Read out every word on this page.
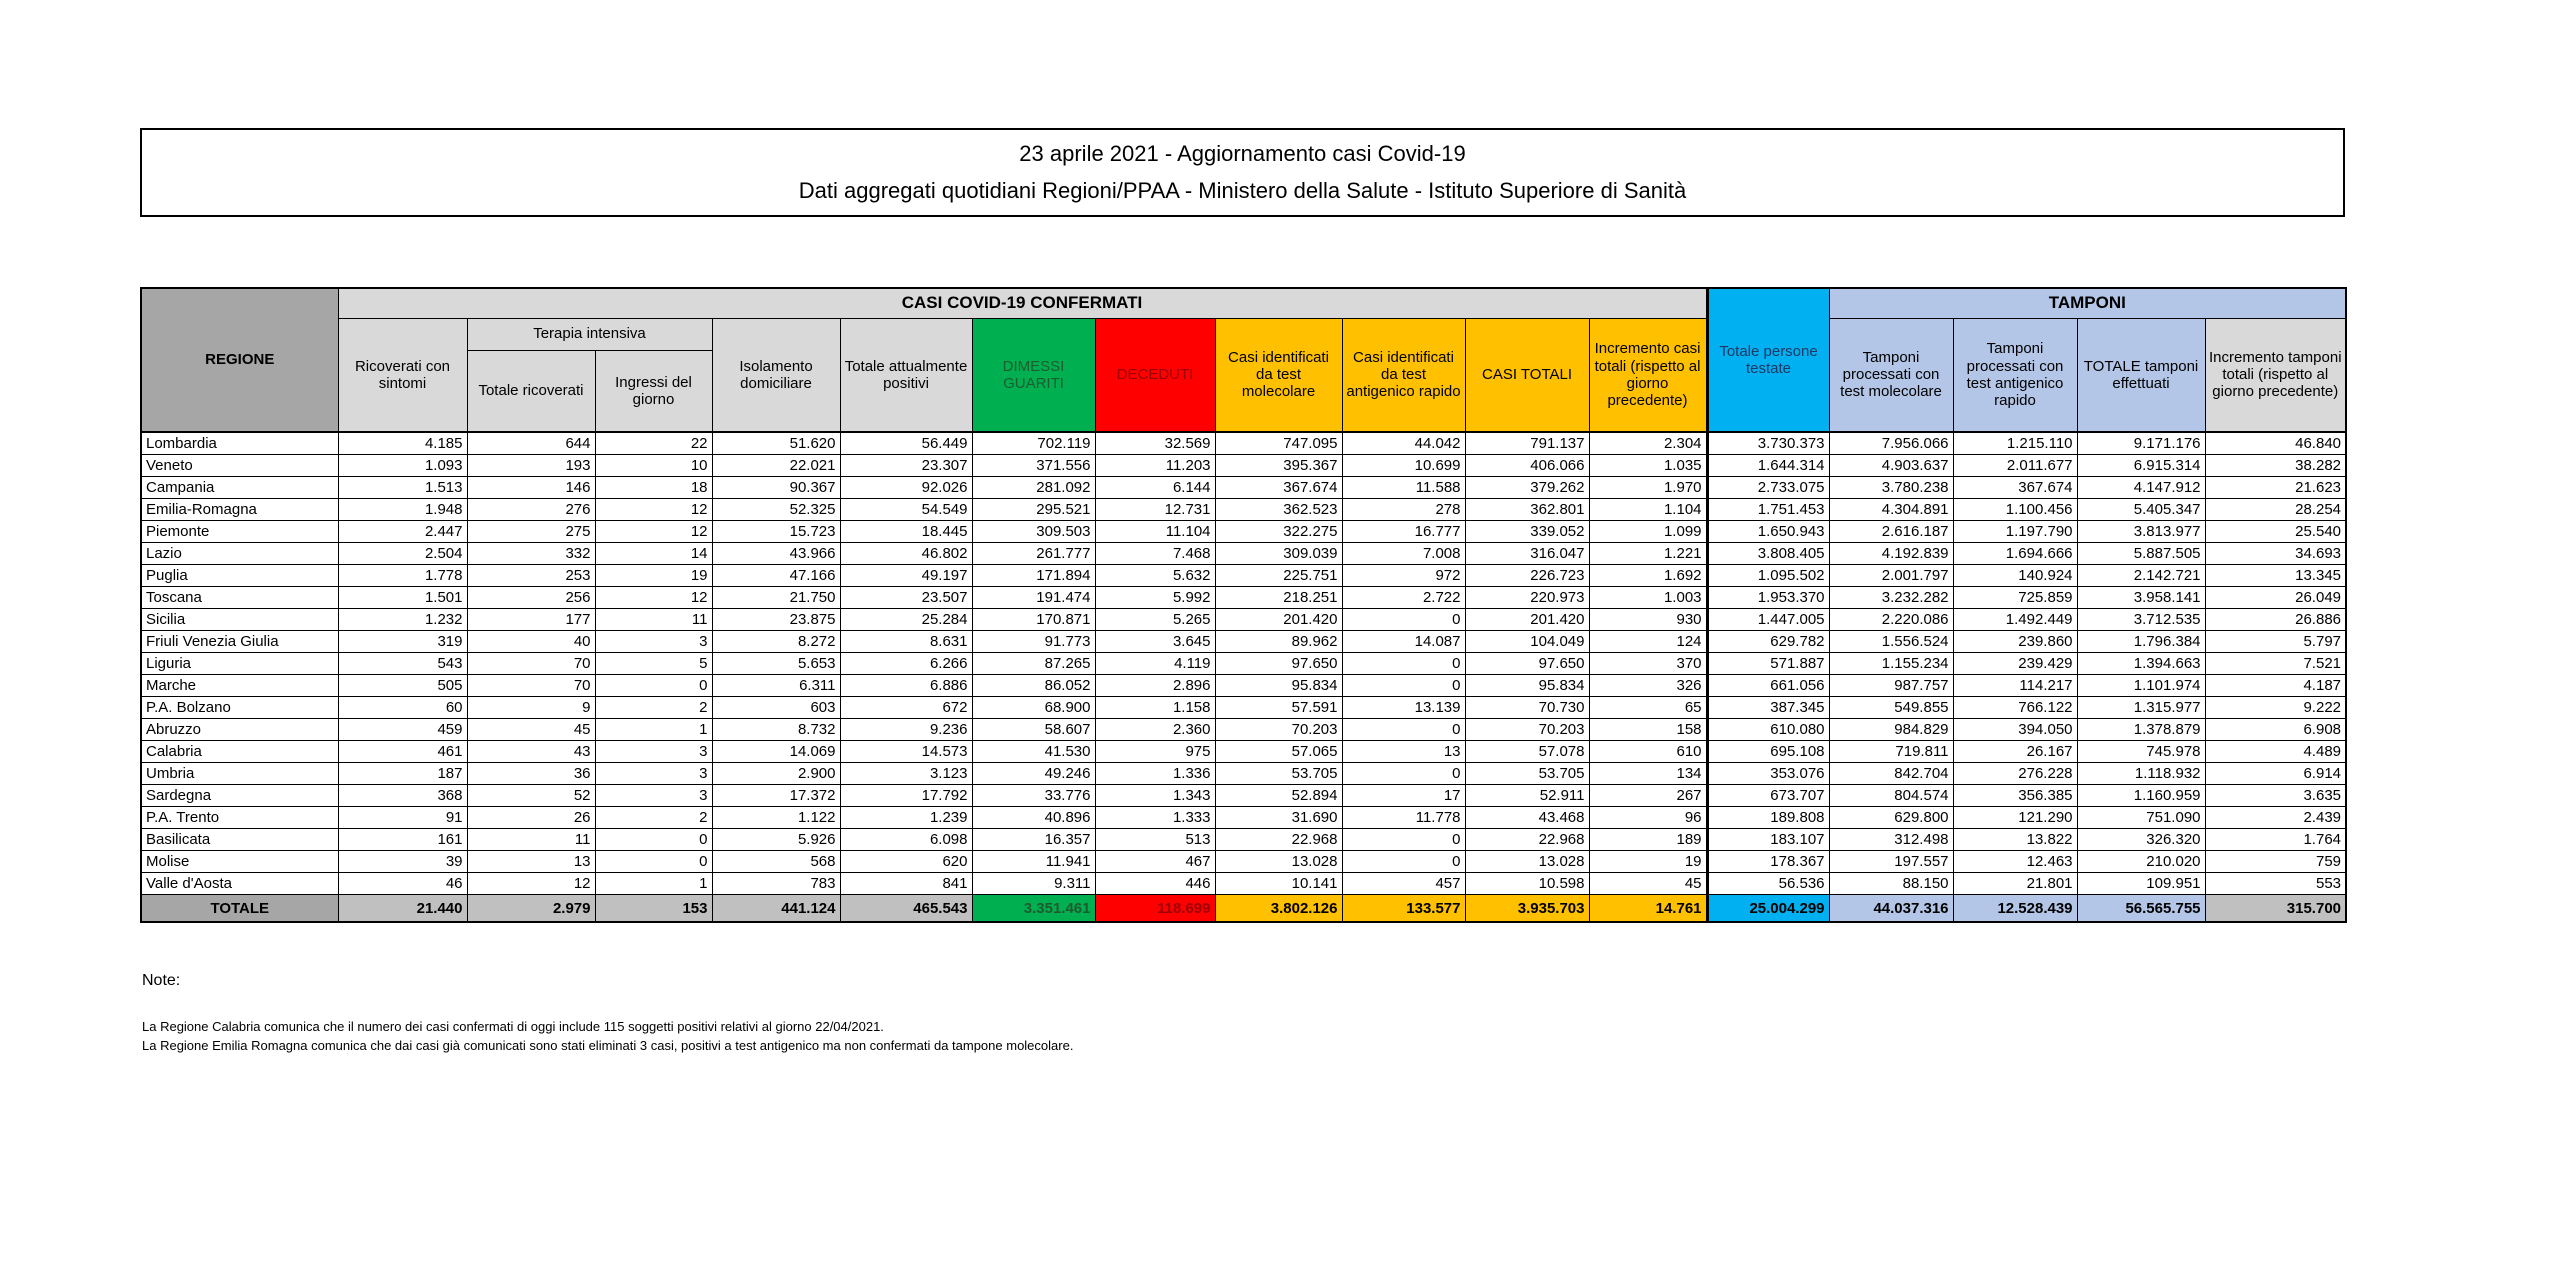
23 aprile 2021 - Aggiornamento casi Covid-19
Dati aggregati quotidiani Regioni/PPAA - Ministero della Salute - Istituto Superiore di Sanità
REGIONE	CASI COVID-19 CONFERMATI											Totale persone testate	TAMPONI			
	Ricoverati con sintomi	Terapia intensiva		Isolamento domiciliare	Totale attualmente positivi	DIMESSI GUARITI	DECEDUTI	Casi identificati da test molecolare	Casi identificati da test antigenico rapido	CASI TOTALI	Incremento casi totali (rispetto al giorno precedente)		Tamponi processati con test molecolare	Tamponi processati con test antigenico rapido	TOTALE tamponi effettuati	Incremento tamponi totali (rispetto al giorno precedente)
		Totale ricoverati	Ingressi del giorno													
Lombardia	4.185	644	22	51.620	56.449	702.119	32.569	747.095	44.042	791.137	2.304	3.730.373	7.956.066	1.215.110	9.171.176	46.840
Veneto	1.093	193	10	22.021	23.307	371.556	11.203	395.367	10.699	406.066	1.035	1.644.314	4.903.637	2.011.677	6.915.314	38.282
Campania	1.513	146	18	90.367	92.026	281.092	6.144	367.674	11.588	379.262	1.970	2.733.075	3.780.238	367.674	4.147.912	21.623
Emilia-Romagna	1.948	276	12	52.325	54.549	295.521	12.731	362.523	278	362.801	1.104	1.751.453	4.304.891	1.100.456	5.405.347	28.254
Piemonte	2.447	275	12	15.723	18.445	309.503	11.104	322.275	16.777	339.052	1.099	1.650.943	2.616.187	1.197.790	3.813.977	25.540
Lazio	2.504	332	14	43.966	46.802	261.777	7.468	309.039	7.008	316.047	1.221	3.808.405	4.192.839	1.694.666	5.887.505	34.693
Puglia	1.778	253	19	47.166	49.197	171.894	5.632	225.751	972	226.723	1.692	1.095.502	2.001.797	140.924	2.142.721	13.345
Toscana	1.501	256	12	21.750	23.507	191.474	5.992	218.251	2.722	220.973	1.003	1.953.370	3.232.282	725.859	3.958.141	26.049
Sicilia	1.232	177	11	23.875	25.284	170.871	5.265	201.420	0	201.420	930	1.447.005	2.220.086	1.492.449	3.712.535	26.886
Friuli Venezia Giulia	319	40	3	8.272	8.631	91.773	3.645	89.962	14.087	104.049	124	629.782	1.556.524	239.860	1.796.384	5.797
Liguria	543	70	5	5.653	6.266	87.265	4.119	97.650	0	97.650	370	571.887	1.155.234	239.429	1.394.663	7.521
Marche	505	70	0	6.311	6.886	86.052	2.896	95.834	0	95.834	326	661.056	987.757	114.217	1.101.974	4.187
P.A. Bolzano	60	9	2	603	672	68.900	1.158	57.591	13.139	70.730	65	387.345	549.855	766.122	1.315.977	9.222
Abruzzo	459	45	1	8.732	9.236	58.607	2.360	70.203	0	70.203	158	610.080	984.829	394.050	1.378.879	6.908
Calabria	461	43	3	14.069	14.573	41.530	975	57.065	13	57.078	610	695.108	719.811	26.167	745.978	4.489
Umbria	187	36	3	2.900	3.123	49.246	1.336	53.705	0	53.705	134	353.076	842.704	276.228	1.118.932	6.914
Sardegna	368	52	3	17.372	17.792	33.776	1.343	52.894	17	52.911	267	673.707	804.574	356.385	1.160.959	3.635
P.A. Trento	91	26	2	1.122	1.239	40.896	1.333	31.690	11.778	43.468	96	189.808	629.800	121.290	751.090	2.439
Basilicata	161	11	0	5.926	6.098	16.357	513	22.968	0	22.968	189	183.107	312.498	13.822	326.320	1.764
Molise	39	13	0	568	620	11.941	467	13.028	0	13.028	19	178.367	197.557	12.463	210.020	759
Valle d'Aosta	46	12	1	783	841	9.311	446	10.141	457	10.598	45	56.536	88.150	21.801	109.951	553
TOTALE	21.440	2.979	153	441.124	465.543	3.351.461	118.699	3.802.126	133.577	3.935.703	14.761	25.004.299	44.037.316	12.528.439	56.565.755	315.700
Note:
La Regione Calabria comunica che il numero dei casi confermati di oggi include 115 soggetti positivi relativi al giorno 22/04/2021.
La Regione Emilia Romagna comunica che dai casi già comunicati sono stati eliminati 3 casi, positivi a test antigenico ma non confermati da tampone molecolare.
